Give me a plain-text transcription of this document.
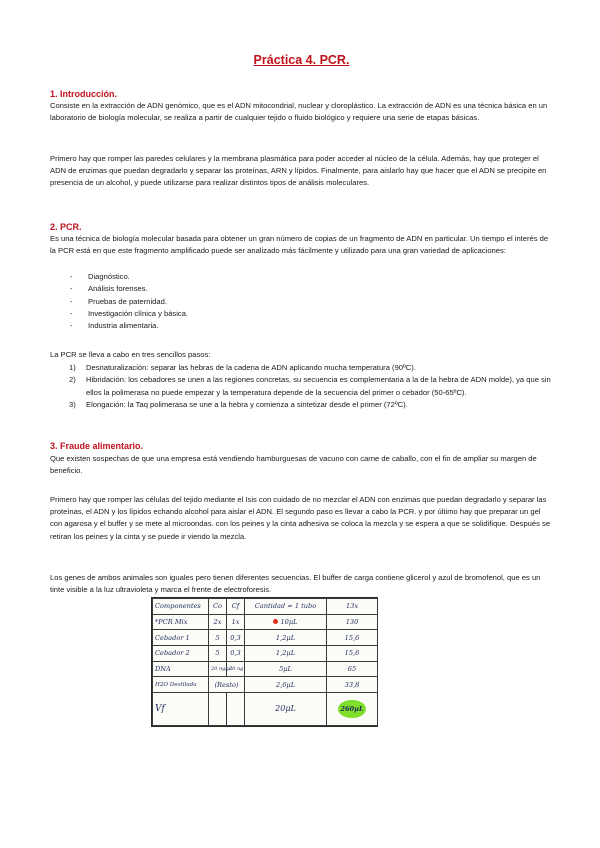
Práctica 4. PCR.
1. Introducción.

Consiste en la extracción de ADN genómico, que es el ADN mitocondrial, nuclear y cloroplástico. La extracción de ADN es una técnica básica en un laboratorio de biología molecular, se realiza a partir de cualquier tejido o fluido biológico y requiere una serie de etapas básicas.

Primero hay que romper las paredes celulares y la membrana plasmática para poder acceder al núcleo de la célula. Además, hay que proteger el ADN de enzimas que puedan degradarlo y separar las proteínas, ARN y lípidos. Finalmente, para aislarlo hay que hacer que el ADN se precipite en presencia de un alcohol, y puede utilizarse para realizar distintos tipos de análisis moleculares.

2. PCR.

Es una técnica de biología molecular basada para obtener un gran número de copias de un fragmento de ADN en particular. Un tiempo el interés de la PCR está en que este fragmento amplificado puede ser analizado más fácilmente y utilizado para una gran variedad de aplicaciones:

- Diagnóstico.
- Análisis forenses.
- Pruebas de paternidad.
- Investigación clínica y básica.
- Industria alimentaria.

La PCR se lleva a cabo en tres sencillos pasos:

1) Desnaturalización: separar las hebras de la cadena de ADN aplicando mucha temperatura (90ºC).
2) Hibridación: los cebadores se unen a las regiones concretas, su secuencia es complementaria a la de la hebra de ADN molde), ya que sin ellos la polimerasa no puede empezar y la temperatura depende de la secuencia del primer o cebador (50-65ºC).
3) Elongación: la Taq polimerasa se une a la hebra y comienza a sintetizar desde el primer (72ºC).
3. Fraude alimentario.

Que existen sospechas de que una empresa está vendiendo hamburguesas de vacuno con carne de caballo, con el fin de ampliar su margen de beneficio.

Primero hay que romper las células del tejido mediante el Isis con cuidado de no mezclar el ADN con enzimas que puedan degradarlo y separar las proteínas, el ADN y los lípidos echando alcohol para aislar el ADN. El segundo paso es llevar a cabo la PCR. y por último hay que preparar un gel con agarosa y el buffer y se mete al microondas. con los peines y la cinta adhesiva se coloca la mezcla y se espera a que se solidifique. Después se retiran los peines y la cinta y se puede ir viendo la mezcla.

Los genes de ambos animales son iguales pero tienen diferentes secuencias. El buffer de carga contiene glicerol y azul de bromofenol, que es un tinte visible a la luz ultravioleta y marca el frente de electroforesis.

Componentes	Co	Cf	Cantidad = 1 tubo	13x
*PCR Mix	2x	1x	10μL	130
Cebador 1	5	0,3	1,2μL	15,6
Cebador 2	5	0,3	1,2μL	15,6
DNA	20 ng/μl	20 ng	5μL	65
H2O Destilada	(Resto)		2,6μL	33,8
Vf			20μL	260μL
